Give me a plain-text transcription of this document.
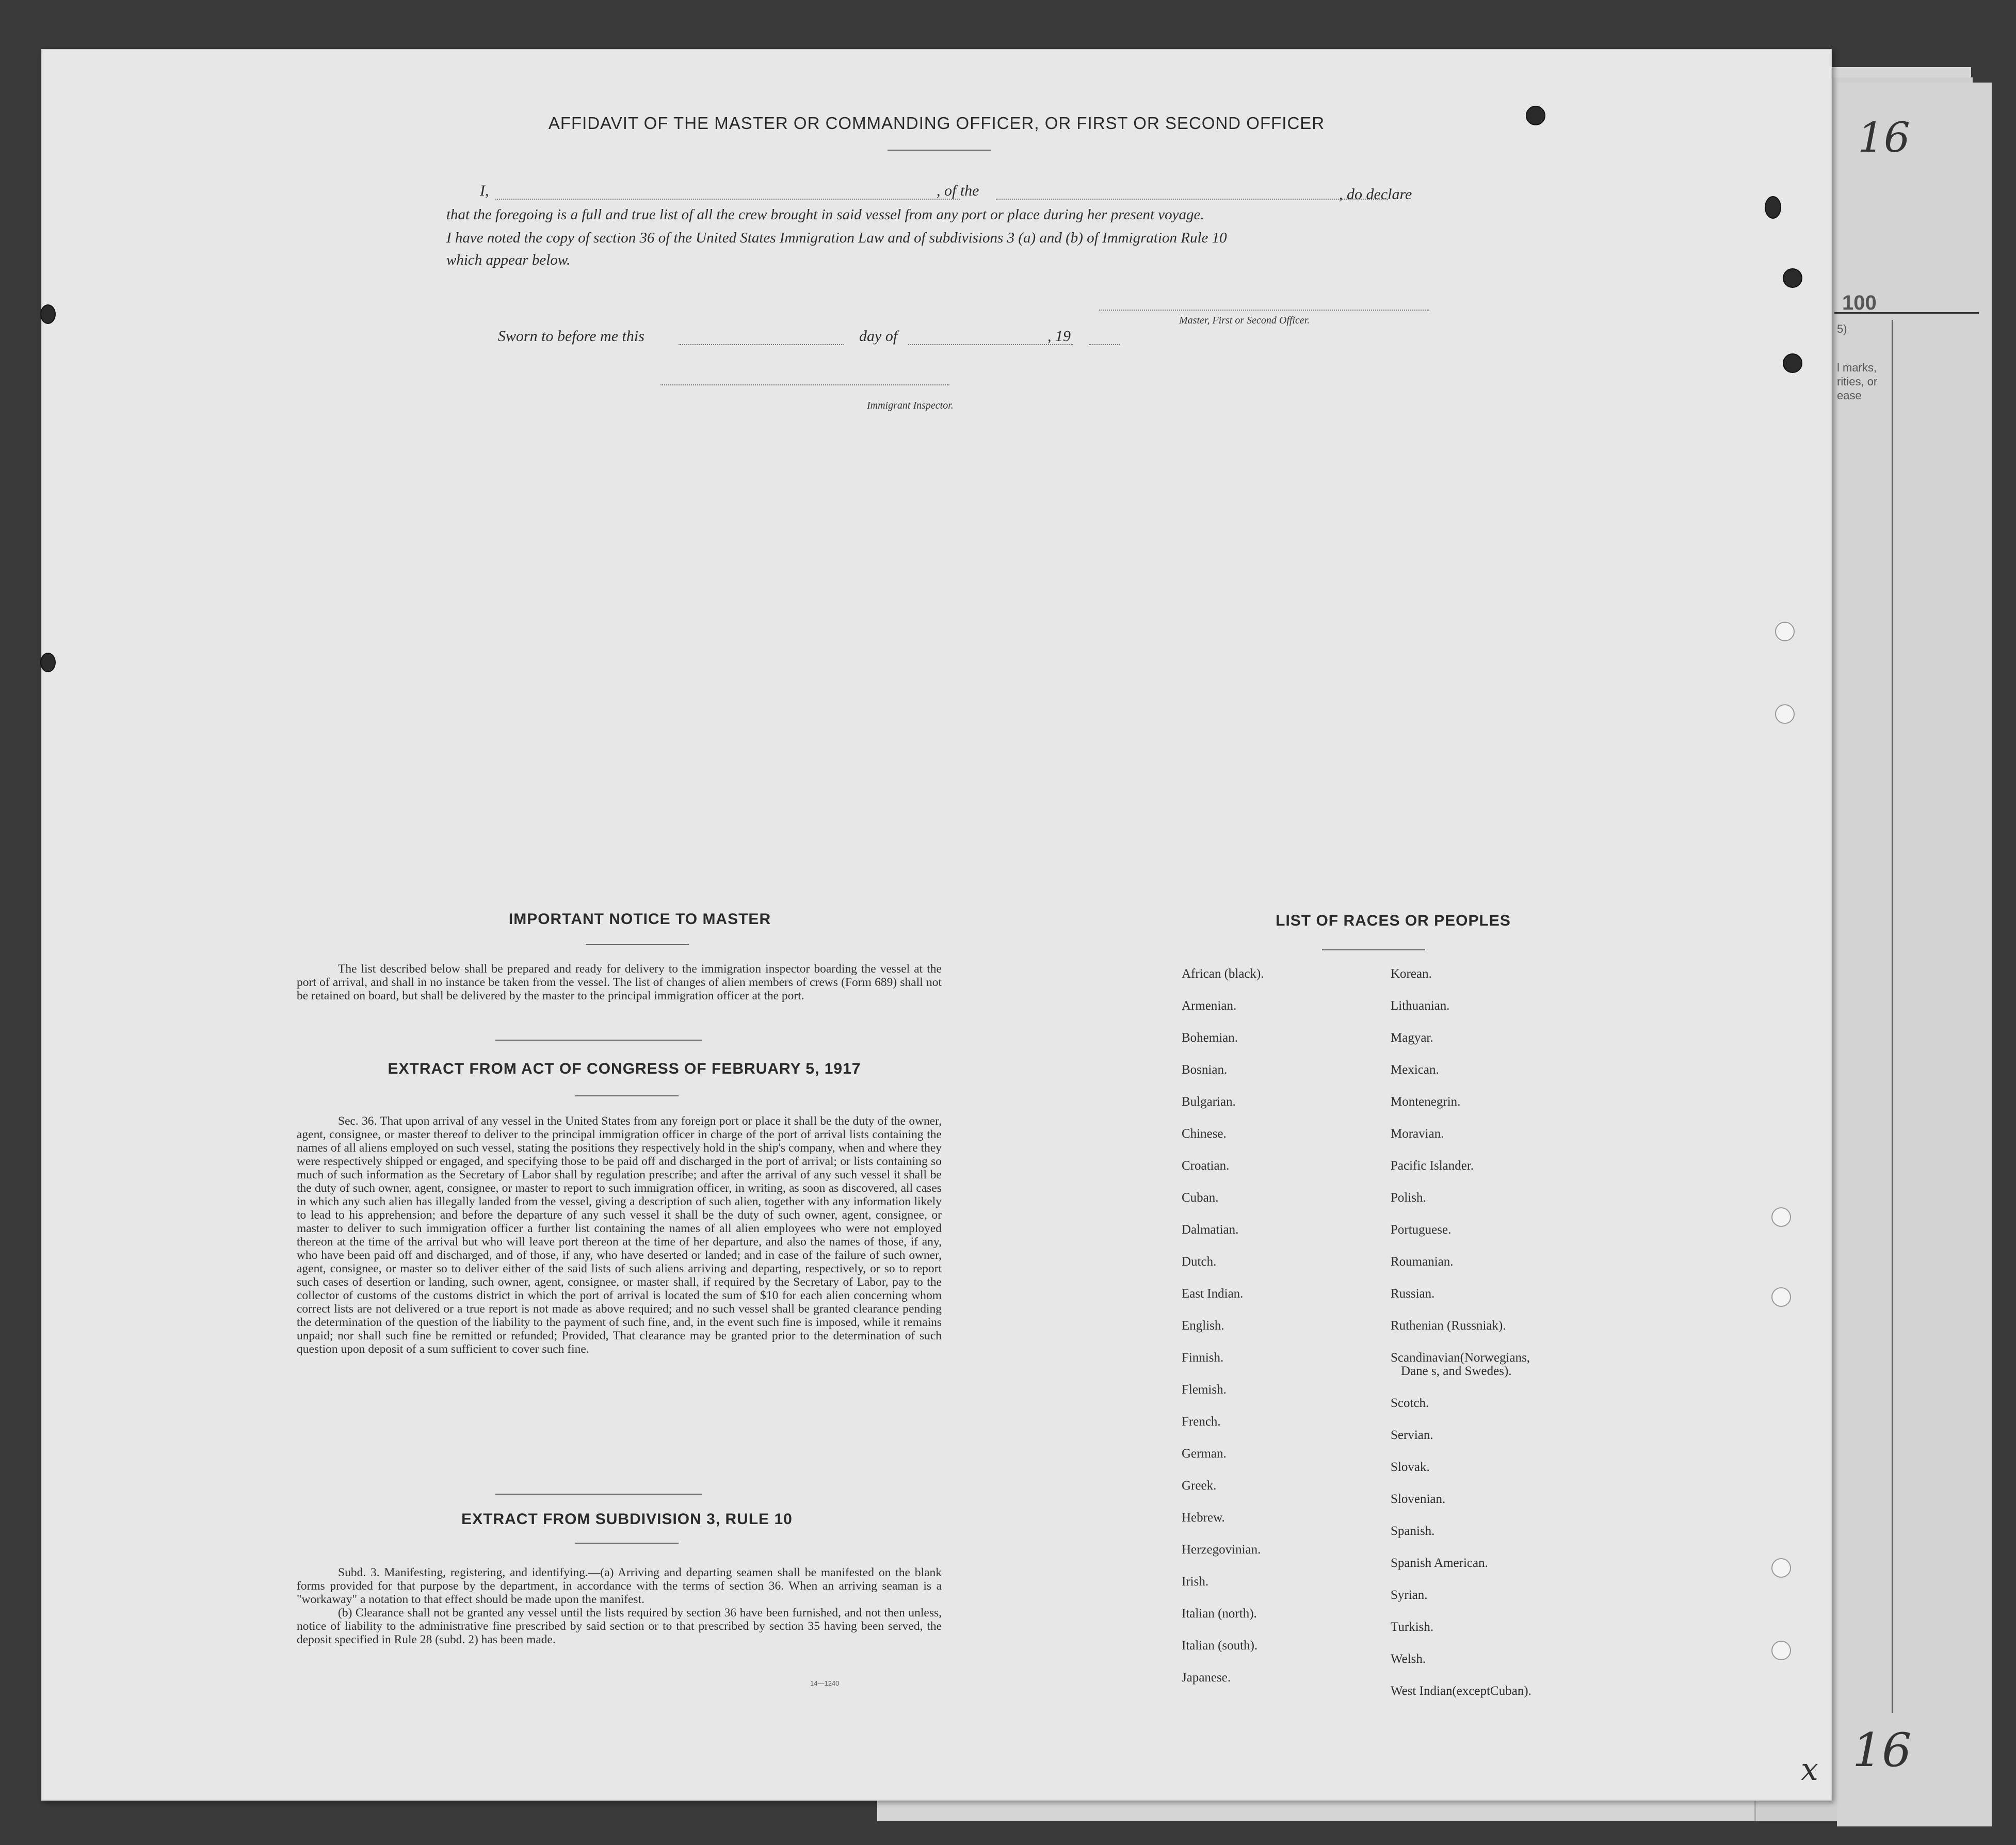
16
100
5)
l marks,
rities, or
ease
16
AFFIDAVIT OF THE MASTER OR COMMANDING OFFICER, OR FIRST OR SECOND OFFICER
I,	, of the	, do declare
that the foregoing is a full and true list of all the crew brought in said vessel from any port or place during her present voyage.
I have noted the copy of section 36 of the United States Immigration Law and of subdivisions 3 (a) and (b) of Immigration Rule 10
which appear below.
Master, First or Second Officer.
Sworn to before me this	day of	, 19
Immigrant Inspector.
IMPORTANT NOTICE TO MASTER

The list described below shall be prepared and ready for delivery to the immigration inspector boarding the vessel at the port of arrival, and shall in no instance be taken from the vessel. The list of changes of alien members of crews (Form 689) shall not be retained on board, but shall be delivered by the master to the principal immigration officer at the port.

EXTRACT FROM ACT OF CONGRESS OF FEBRUARY 5, 1917

Sec. 36. That upon arrival of any vessel in the United States from any foreign port or place it shall be the duty of the owner, agent, consignee, or master thereof to deliver to the principal immigration officer in charge of the port of arrival lists containing the names of all aliens employed on such vessel, stating the positions they respectively hold in the ship's company, when and where they were respectively shipped or engaged, and specifying those to be paid off and discharged in the port of arrival; or lists containing so much of such information as the Secretary of Labor shall by regulation prescribe; and after the arrival of any such vessel it shall be the duty of such owner, agent, consignee, or master to report to such immigration officer, in writing, as soon as discovered, all cases in which any such alien has illegally landed from the vessel, giving a description of such alien, together with any information likely to lead to his apprehension; and before the departure of any such vessel it shall be the duty of such owner, agent, consignee, or master to deliver to such immigration officer a further list containing the names of all alien employees who were not employed thereon at the time of the arrival but who will leave port thereon at the time of her departure, and also the names of those, if any, who have been paid off and discharged, and of those, if any, who have deserted or landed; and in case of the failure of such owner, agent, consignee, or master so to deliver either of the said lists of such aliens arriving and departing, respectively, or so to report such cases of desertion or landing, such owner, agent, consignee, or master shall, if required by the Secretary of Labor, pay to the collector of customs of the customs district in which the port of arrival is located the sum of $10 for each alien concerning whom correct lists are not delivered or a true report is not made as above required; and no such vessel shall be granted clearance pending the determination of the question of the liability to the payment of such fine, and, in the event such fine is imposed, while it remains unpaid; nor shall such fine be remitted or refunded; Provided, That clearance may be granted prior to the determination of such question upon deposit of a sum sufficient to cover such fine.

EXTRACT FROM SUBDIVISION 3, RULE 10

Subd. 3. Manifesting, registering, and identifying.—(a) Arriving and departing seamen shall be manifested on the blank forms provided for that purpose by the department, in accordance with the terms of section 36. When an arriving seaman is a "workaway" a notation to that effect should be made upon the manifest.

(b) Clearance shall not be granted any vessel until the lists required by section 36 have been furnished, and not then unless, notice of liability to the administrative fine prescribed by said section or to that prescribed by section 35 having been served, the deposit specified in Rule 28 (subd. 2) has been made.

14—1240
LIST OF RACES OR PEOPLES
African (black).
Armenian.
Bohemian.
Bosnian.
Bulgarian.
Chinese.
Croatian.
Cuban.
Dalmatian.
Dutch.
East Indian.
English.
Finnish.
Flemish.
French.
German.
Greek.
Hebrew.
Herzegovinian.
Irish.
Italian (north).
Italian (south).
Japanese.
Korean.
Lithuanian.
Magyar.
Mexican.
Montenegrin.
Moravian.
Pacific Islander.
Polish.
Portuguese.
Roumanian.
Russian.
Ruthenian (Russniak).
Scandinavian(Norwegians,
Dane s, and Swedes).
Scotch.
Servian.
Slovak.
Slovenian.
Spanish.
Spanish American.
Syrian.
Turkish.
Welsh.
West Indian(exceptCuban).
x
